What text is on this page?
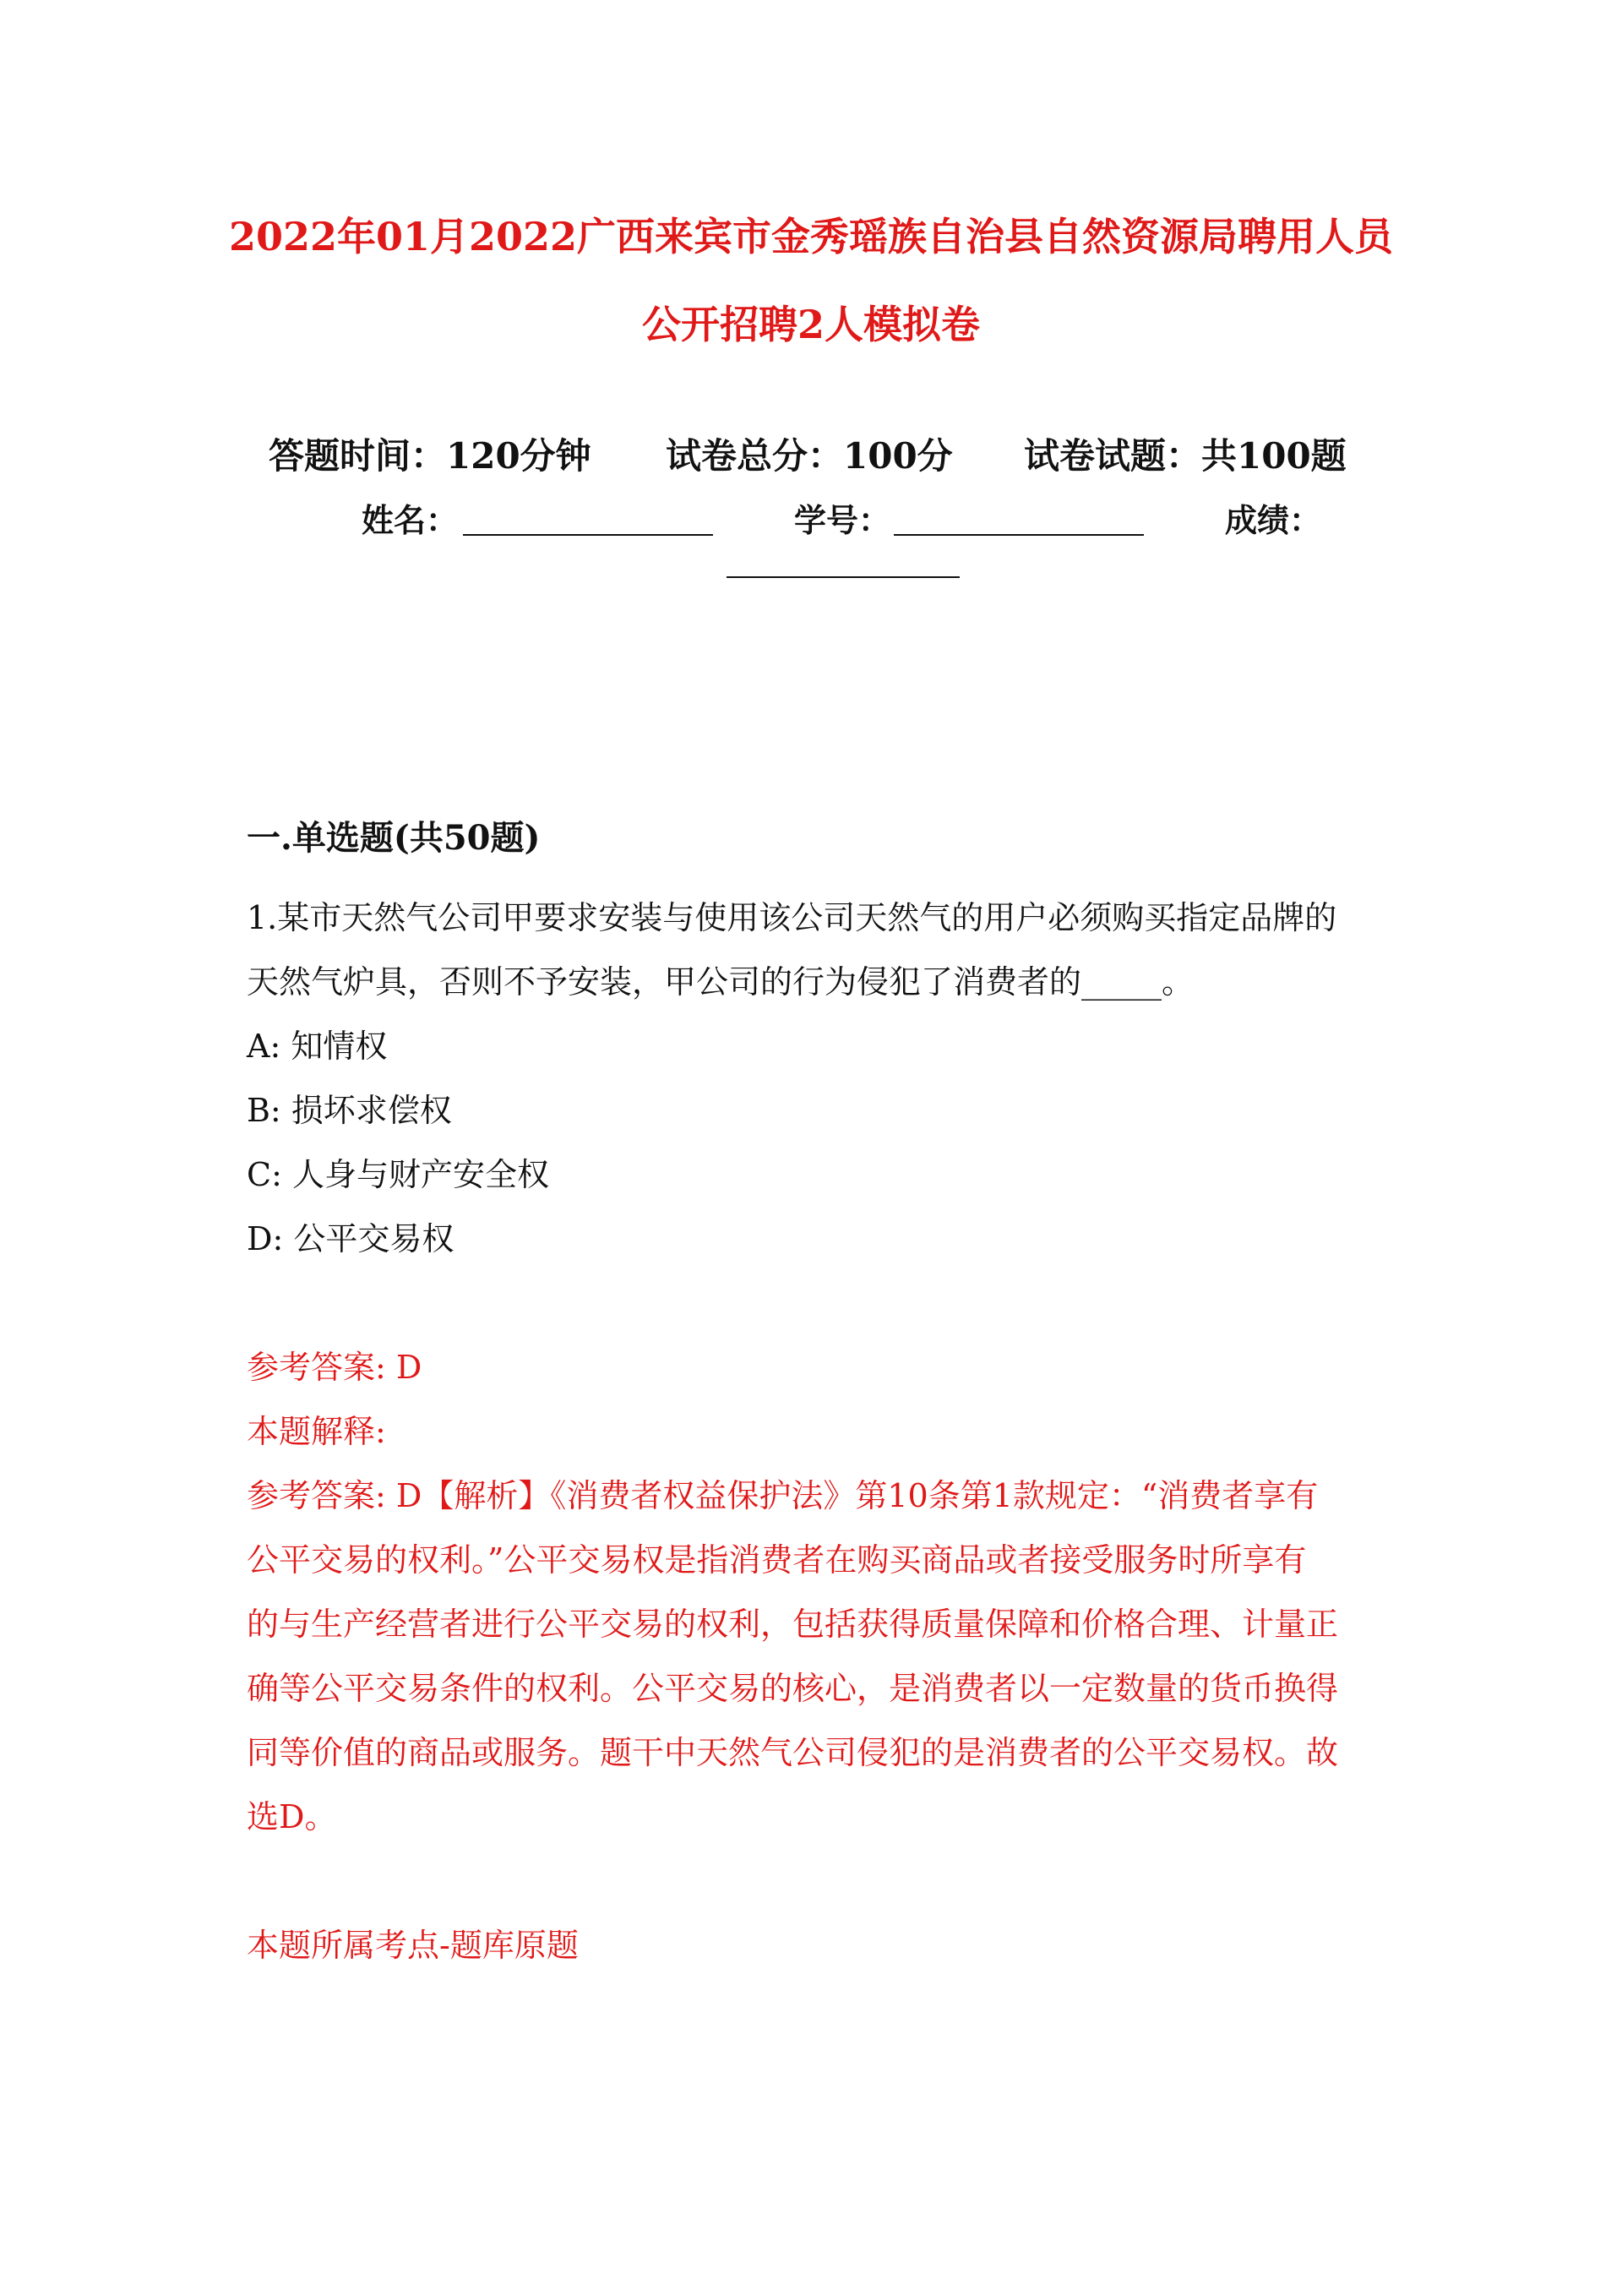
2022年01月2022广西来宾市金秀瑶族自治县自然资源局聘用人员
公开招聘2人模拟卷
答题时间：120分钟 试卷总分：100分 试卷试题：共100题
姓名：	学号：	成绩：
一.单选题(共50题)
1.某市天然气公司甲要求安装与使用该公司天然气的用户必须购买指定品牌的
天然气炉具，否则不予安装，甲公司的行为侵犯了消费者的_____。
A: 知情权
B: 损坏求偿权
C: 人身与财产安全权
D: 公平交易权
参考答案: D
本题解释:
参考答案: D【解析】《消费者权益保护法》第10条第1款规定：“消费者享有
公平交易的权利。”公平交易权是指消费者在购买商品或者接受服务时所享有
的与生产经营者进行公平交易的权利，包括获得质量保障和价格合理、计量正
确等公平交易条件的权利。公平交易的核心，是消费者以一定数量的货币换得
同等价值的商品或服务。题干中天然气公司侵犯的是消费者的公平交易权。故
选D。
本题所属考点-题库原题
